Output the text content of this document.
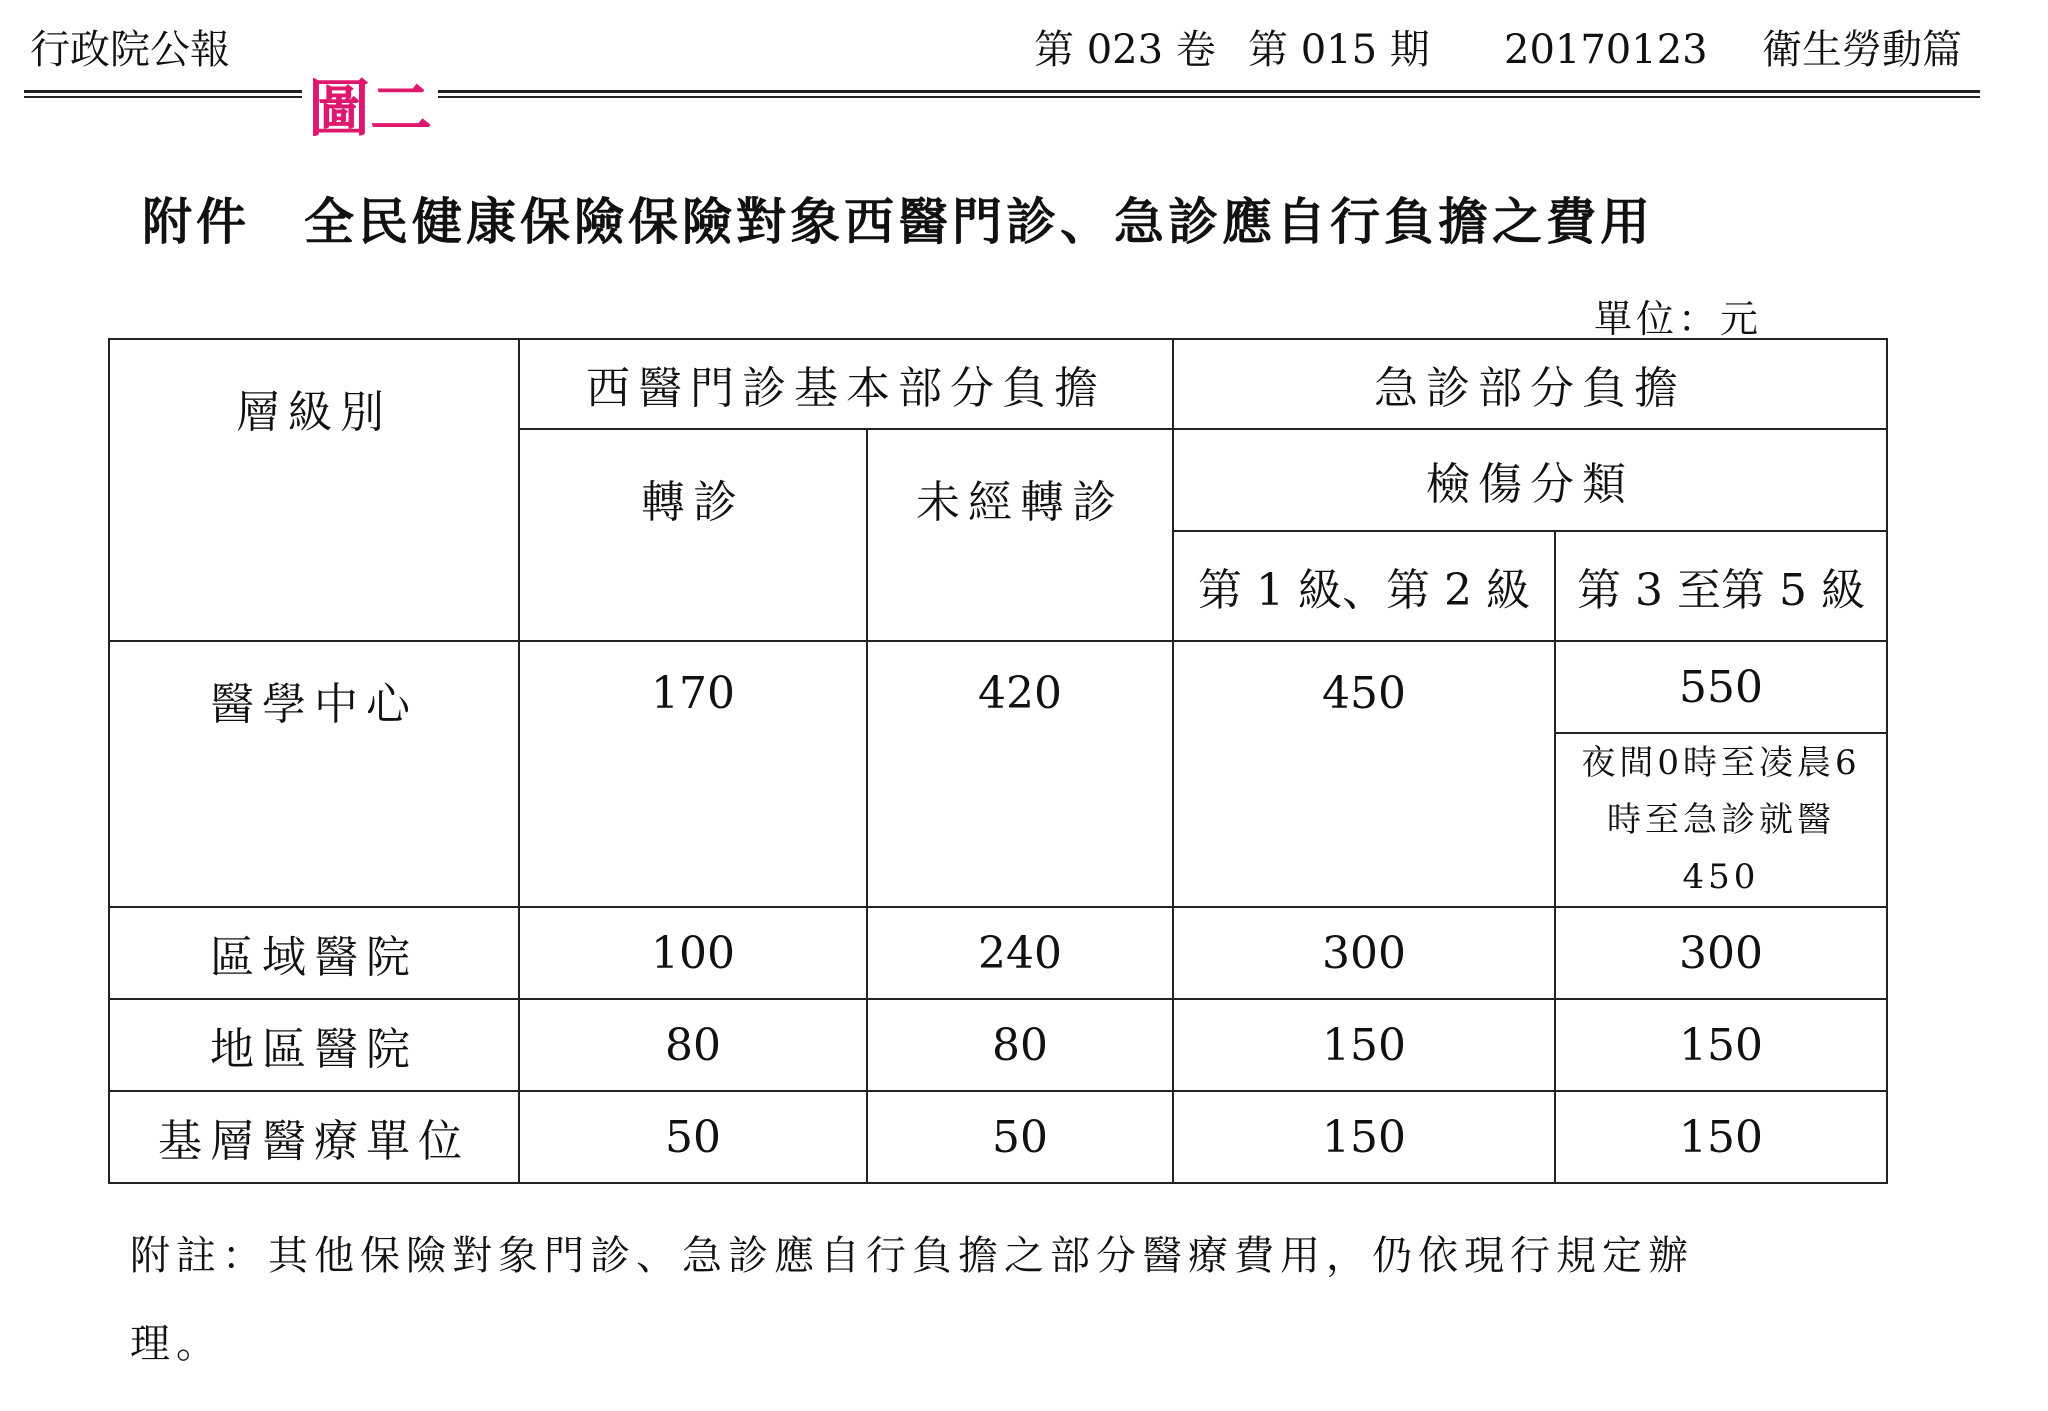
行政院公報	第 023 卷 第 015 期 20170123 衛生勞動篇
圖二
附件　全民健康保險保險對象西醫門診、急診應自行負擔之費用
單位：元
層級別	西醫門診基本部分負擔		急診部分負擔	
	轉診	未經轉診	檢傷分類	
			第 1 級、第 2 級	第 3 至第 5 級
醫學中心	170	420	450	550

				夜間0時至凌晨6
時至急診就醫
450

區域醫院	100	240	300	300
地區醫院	80	80	150	150
基層醫療單位	50	50	150	150
附註：其他保險對象門診、急診應自行負擔之部分醫療費用，仍依現行規定辦理。
